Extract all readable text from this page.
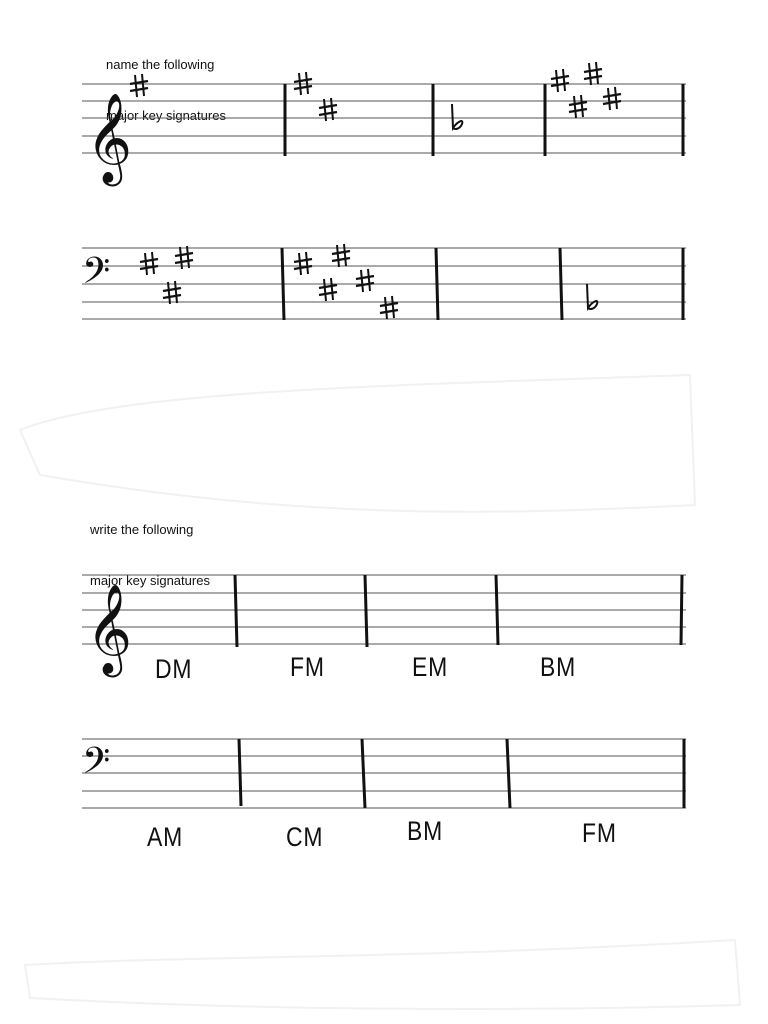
name the following

major key signatures

𝄞
𝄢
𝄞
𝄢

write the following

major key signatures

DM	FM	EM	BM
AM	CM	BM	FM
